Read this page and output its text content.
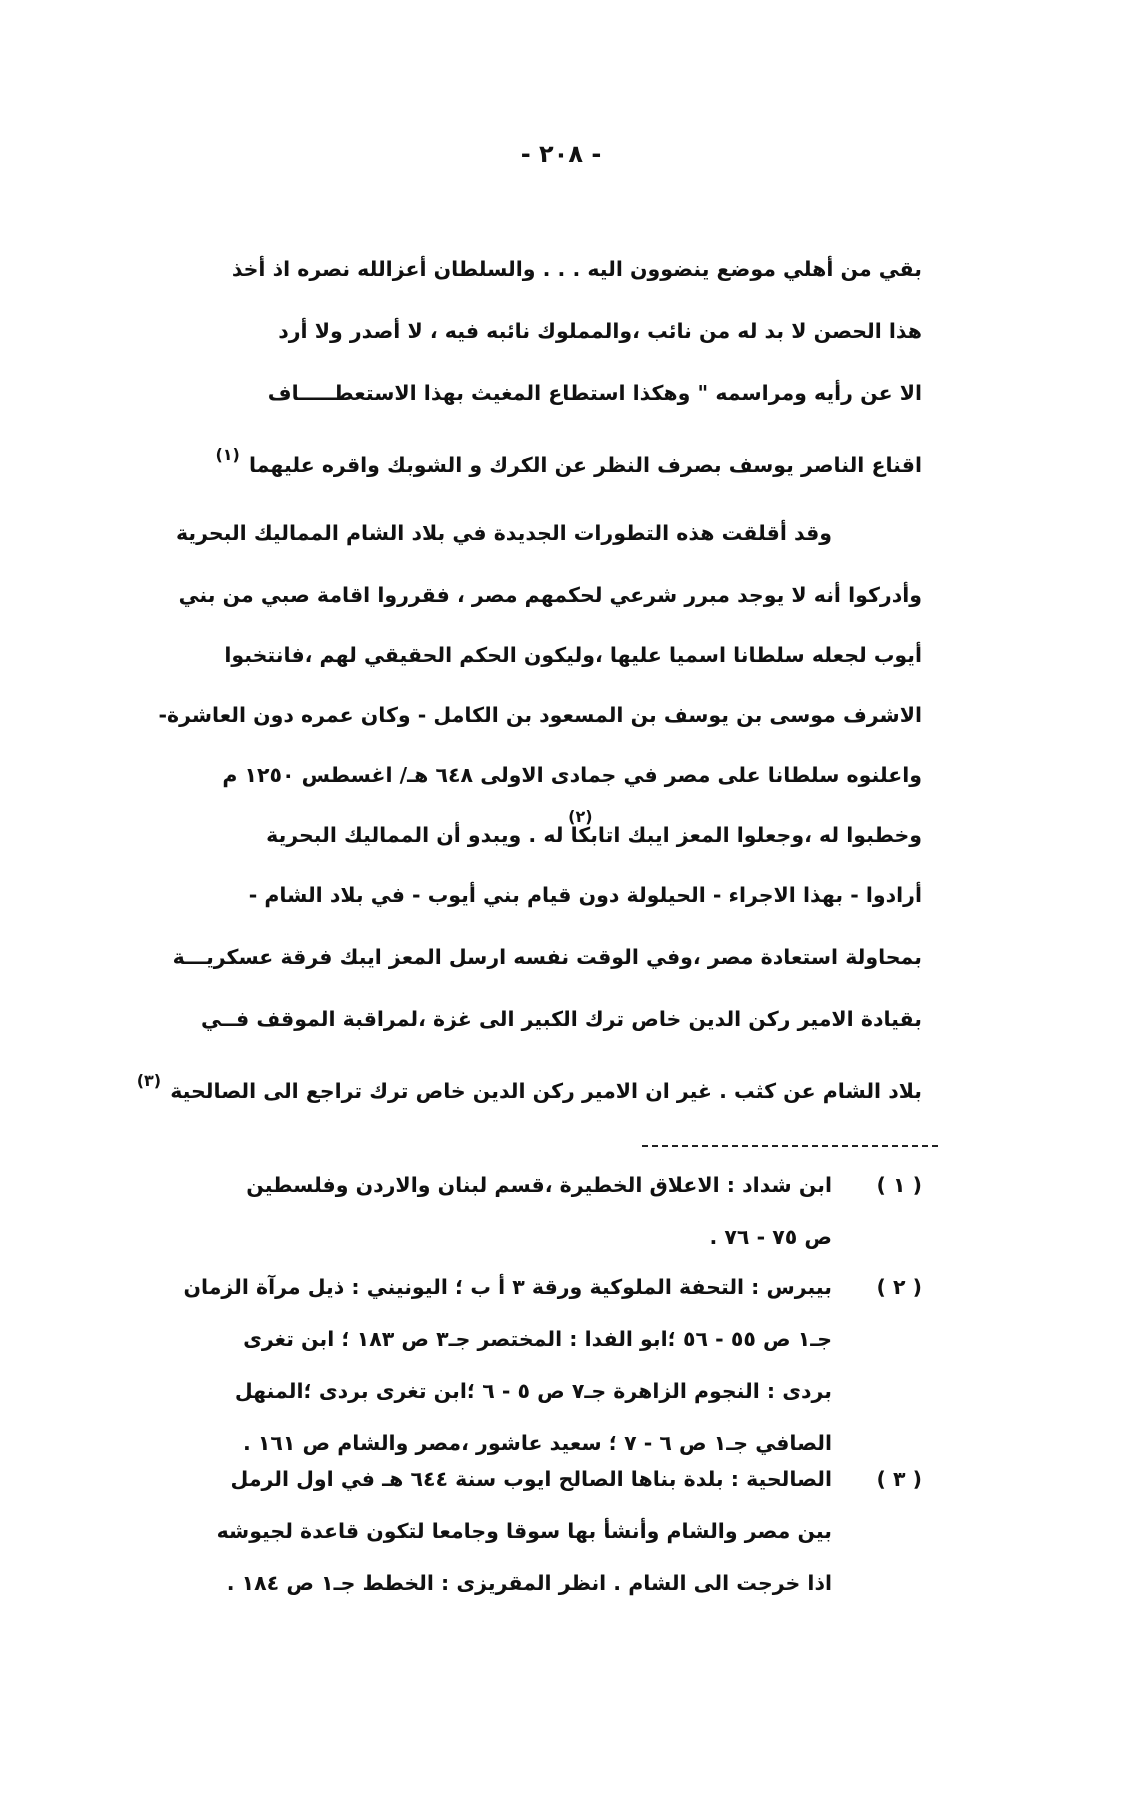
- ٢٠٨ -
بقي من أهلي موضع ينضوون اليه . . . والسلطان أعزالله نصره اذ أخذ
هذا الحصن لا بد له من نائب ،والمملوك نائبه فيه ، لا أصدر ولا أرد
الا عن رأيه ومراسمه " وهكذا استطاع المغيث بهذا الاستعطـــــاف
اقناع الناصر يوسف بصرف النظر عن الكرك و الشوبك واقره عليهما $^{(١)}$
وقد أقلقت هذه التطورات الجديدة في بلاد الشام المماليك البحرية
وأدركوا أنه لا يوجد مبرر شرعي لحكمهم مصر ، فقرروا اقامة صبي من بني
أيوب لجعله سلطانا اسميا عليها ،وليكون الحكم الحقيقي لهم ،فانتخبوا
الاشرف موسى بن يوسف بن المسعود بن الكامل - وكان عمره دون العاشرة-
واعلنوه سلطانا على مصر في جمادى الاولى ٦٤٨ هـ/ اغسطس ١٢٥٠ م
وخطبوا له ،وجعلوا المعز ايبك اتابكا له . ويبدو أن المماليك البحرية
(٢)
أرادوا - بهذا الاجراء - الحيلولة دون قيام بني أيوب - في بلاد الشام -
بمحاولة استعادة مصر ،وفي الوقت نفسه ارسل المعز ايبك فرقة عسكريـــة
بقيادة الامير ركن الدين خاص ترك الكبير الى غزة ،لمراقبة الموقف فــي
بلاد الشام عن كثب . غير ان الامير ركن الدين خاص ترك تراجع الى الصالحية $^{(٣)}$
( ١ )
ابن شداد : الاعلاق الخطيرة ،قسم لبنان والاردن وفلسطين
ص ٧٥ - ٧٦ .
( ٢ )
بيبرس : التحفة الملوكية ورقة ٣ أ ب ؛ اليونيني : ذيل مرآة الزمان
جـ١ ص ٥٥ - ٥٦ ؛ابو الفدا : المختصر جـ٣ ص ١٨٣ ؛ ابن تغرى
بردى : النجوم الزاهرة جـ٧ ص ٥ - ٦ ؛ابن تغرى بردى ؛المنهل
الصافي جـ١ ص ٦ - ٧ ؛ سعيد عاشور ،مصر والشام ص ١٦١ .
( ٣ )
الصالحية : بلدة بناها الصالح ايوب سنة ٦٤٤ هـ في اول الرمل
بين مصر والشام وأنشأ بها سوقا وجامعا لتكون قاعدة لجيوشه
اذا خرجت الى الشام . انظر المقريزى : الخطط جـ١ ص ١٨٤ .
